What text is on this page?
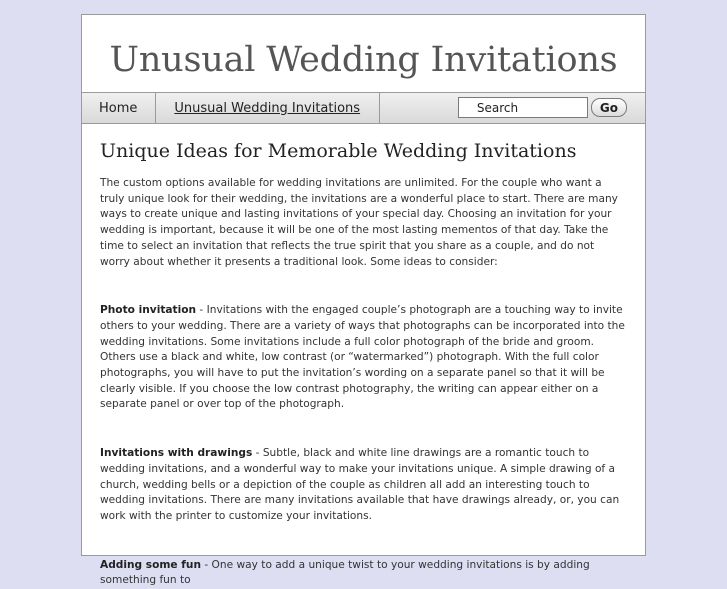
Unusual Wedding Invitations
Home	Unusual Wedding Invitations
Search	Go
Unique Ideas for Memorable Wedding Invitations

The custom options available for wedding invitations are unlimited. For the couple who want a truly unique look for their wedding, the invitations are a wonderful place to start. There are many ways to create unique and lasting invitations of your special day. Choosing an invitation for your wedding is important, because it will be one of the most lasting mementos of that day. Take the time to select an invitation that reflects the true spirit that you share as a couple, and do not worry about whether it presents a traditional look. Some ideas to consider:

Photo invitation - Invitations with the engaged couple’s photograph are a touching way to invite others to your wedding. There are a variety of ways that photographs can be incorporated into the wedding invitations. Some invitations include a full color photograph of the bride and groom. Others use a black and white, low contrast (or “watermarked”) photograph. With the full color photographs, you will have to put the invitation’s wording on a separate panel so that it will be clearly visible. If you choose the low contrast photography, the writing can appear either on a separate panel or over top of the photograph.

Invitations with drawings - Subtle, black and white line drawings are a romantic touch to wedding invitations, and a wonderful way to make your invitations unique. A simple drawing of a church, wedding bells or a depiction of the couple as children all add an interesting touch to wedding invitations. There are many invitations available that have drawings already, or, you can work with the printer to customize your invitations.

Adding some fun - One way to add a unique twist to your wedding invitations is by adding something fun to
